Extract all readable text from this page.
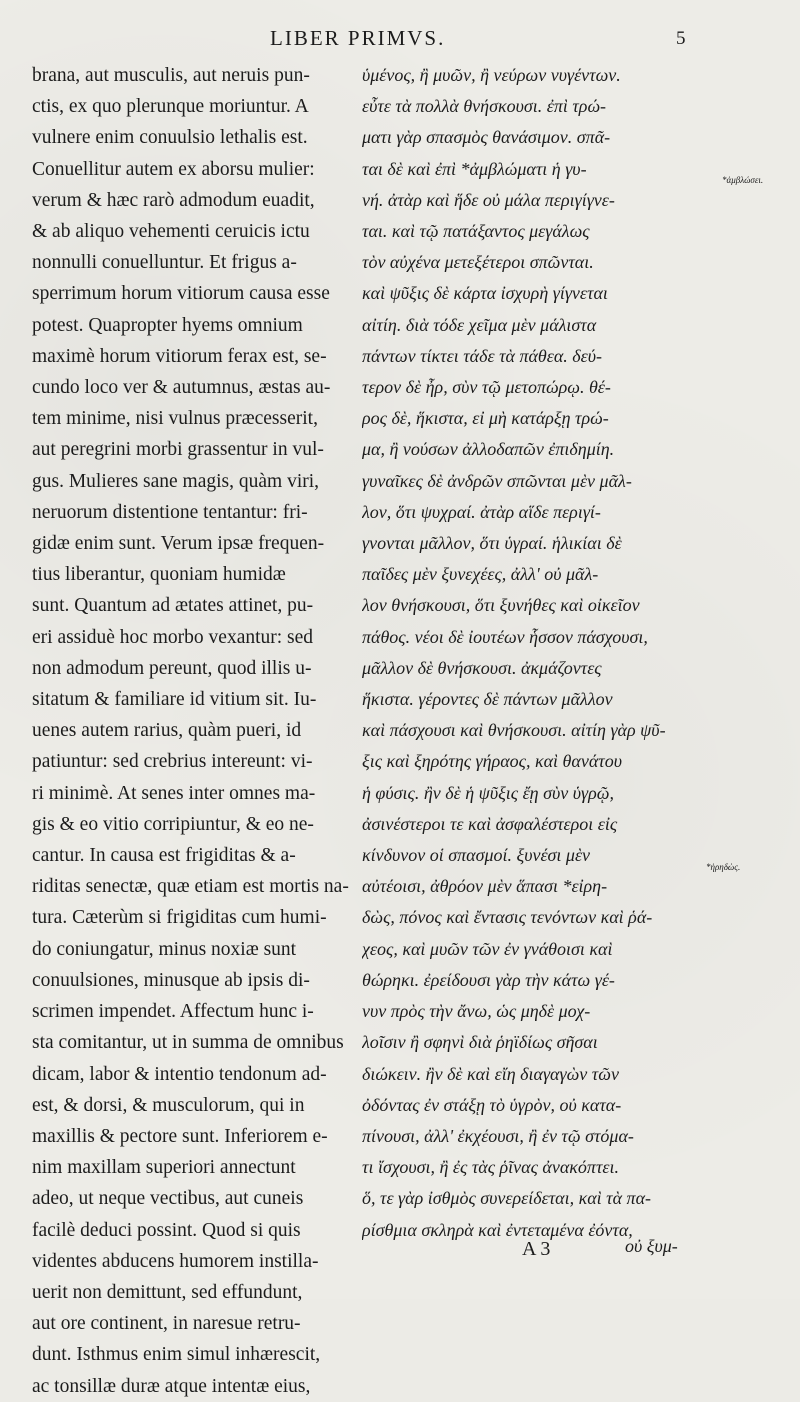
LIBER PRIMVS.	5
brana, aut musculis, aut neruis pun-
ctis, ex quo plerunque moriuntur. A
vulnere enim conuulsio lethalis est.
Conuellitur autem ex aborsu mulier:
verum & hæc rarò admodum euadit,
& ab aliquo vehementi ceruicis ictu
nonnulli conuelluntur. Et frigus a-
sperrimum horum vitiorum causa esse
potest. Quapropter hyems omnium
maximè horum vitiorum ferax est, se-
cundo loco ver & autumnus, æstas au-
tem minime, nisi vulnus præcesserit,
aut peregrini morbi grassentur in vul-
gus. Mulieres sane magis, quàm viri,
neruorum distentione tentantur: fri-
gidæ enim sunt. Verum ipsæ frequen-
tius liberantur, quoniam humidæ
sunt. Quantum ad ætates attinet, pu-
eri assiduè hoc morbo vexantur: sed
non admodum pereunt, quod illis u-
sitatum & familiare id vitium sit. Iu-
uenes autem rarius, quàm pueri, id
patiuntur: sed crebrius intereunt: vi-
ri minimè. At senes inter omnes ma-
gis & eo vitio corripiuntur, & eo ne-
cantur. In causa est frigiditas & a-
riditas senectæ, quæ etiam est mortis na-
tura. Cæterùm si frigiditas cum humi-
do coniungatur, minus noxiæ sunt
conuulsiones, minusque ab ipsis di-
scrimen impendet. Affectum hunc i-
sta comitantur, ut in summa de omnibus
dicam, labor & intentio tendonum ad-
est, & dorsi, & musculorum, qui in
maxillis & pectore sunt. Inferiorem e-
nim maxillam superiori annectunt
adeo, ut neque vectibus, aut cuneis
facilè deduci possint. Quod si quis
videntes abducens humorem instilla-
uerit non demittunt, sed effundunt,
aut ore continent, in naresue retru-
dunt. Isthmus enim simul inhærescit,
ac tonsillæ duræ atque intentæ eius,
ὑμένος, ἢ μυῶν, ἢ νεύρων νυγέντων.
εὖτε τὰ πολλὰ θνήσκουσι. ἐπὶ τρώ-
ματι γὰρ σπασμὸς θανάσιμον. σπᾶ-
ται δὲ καὶ ἐπὶ *ἀμβλώματι ἡ γυ-
νή. ἀτὰρ καὶ ἥδε οὐ μάλα περιγίγνε-
ται. καὶ τῷ πατάξαντος μεγάλως
τὸν αὐχένα μετεξέτεροι σπῶνται.
καὶ ψῦξις δὲ κάρτα ἰσχυρὴ γίγνεται
αἰτίη. διὰ τόδε χεῖμα μὲν μάλιστα
πάντων τίκτει τάδε τὰ πάθεα. δεύ-
τερον δὲ ἦρ, σὺν τῷ μετοπώρῳ. θέ-
ρος δὲ, ἥκιστα, εἰ μὴ κατάρξῃ τρώ-
μα, ἢ νούσων ἀλλοδαπῶν ἐπιδημίη.
γυναῖκες δὲ ἀνδρῶν σπῶνται μὲν μᾶλ-
λον, ὅτι ψυχραί. ἀτὰρ αἵδε περιγί-
γνονται μᾶλλον, ὅτι ὑγραί. ἡλικίαι δὲ
παῖδες μὲν ξυνεχέες, ἀλλ' οὐ μᾶλ-
λον θνήσκουσι, ὅτι ξυνήθες καὶ οἰκεῖον
πάθος. νέοι δὲ ἰουτέων ἧσσον πάσχουσι,
μᾶλλον δὲ θνήσκουσι. ἀκμάζοντες
ἥκιστα. γέροντες δὲ πάντων μᾶλλον
καὶ πάσχουσι καὶ θνήσκουσι. αἰτίη γὰρ ψῦ-
ξις καὶ ξηρότης γήραος, καὶ θανάτου
ἡ φύσις. ἢν δὲ ἡ ψῦξις ἔῃ σὺν ὑγρῷ,
ἀσινέστεροι τε καὶ ἀσφαλέστεροι εἰς
κίνδυνον οἱ σπασμοί. ξυνέσι μὲν
αὐτέοισι, ἀθρόον μὲν ἅπασι *εἰρη-
δὼς, πόνος καὶ ἔντασις τενόντων καὶ ῥά-
χεος, καὶ μυῶν τῶν ἐν γνάθοισι καὶ
θώρηκι. ἐρείδουσι γὰρ τὴν κάτω γέ-
νυν πρὸς τὴν ἄνω, ὡς μηδὲ μοχ-
λοῖσιν ἢ σφηνὶ διὰ ῥηϊδίως σῆσαι
διώκειν. ἢν δὲ καὶ εἴη διαγαγὼν τῶν
ὀδόντας ἐν στάξῃ τὸ ὑγρὸν, οὐ κατα-
πίνουσι, ἀλλ' ἐκχέουσι, ἢ ἐν τῷ στόμα-
τι ἴσχουσι, ἢ ἐς τὰς ῥῖνας ἀνακόπτει.
ὅ, τε γὰρ ἰσθμὸς συνερείδεται, καὶ τὰ πα-
ρίσθμια σκληρὰ καὶ ἐντεταμένα ἐόντα,
*ἀμβλώσει.
*ἠρηδὼς.
A 3	οὐ ξυμ-
